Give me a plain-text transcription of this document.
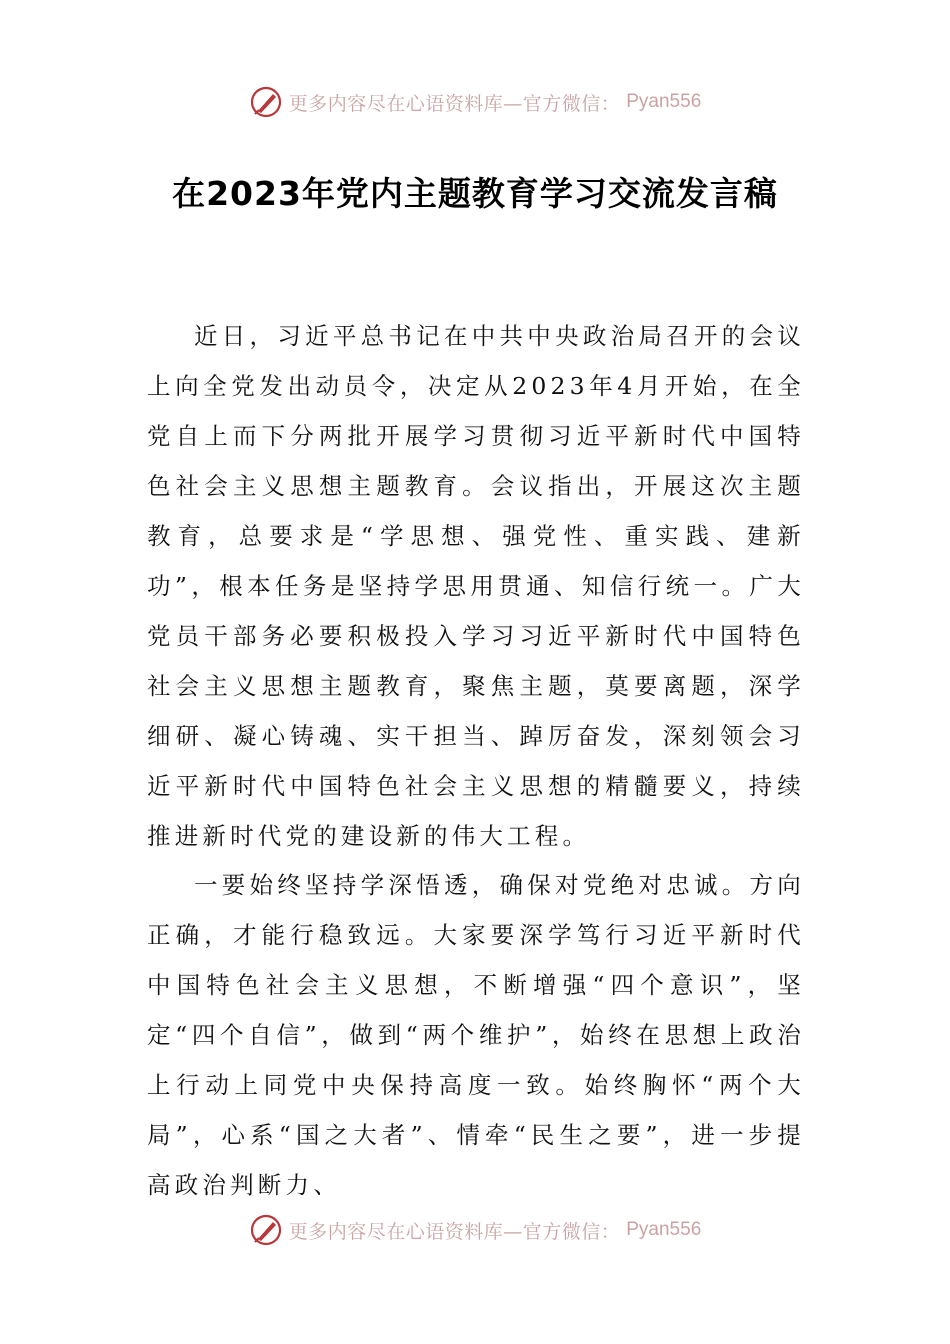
更多内容尽在心语资料库—官方微信： Pyan556
在2023年党内主题教育学习交流发言稿

近日，习近平总书记在中共中央政治局召开的会议上向全党发出动员令，决定从2023年4月开始，在全党自上而下分两批开展学习贯彻习近平新时代中国特色社会主义思想主题教育。会议指出，开展这次主题教育，总要求是“学思想、强党性、重实践、建新功”，根本任务是坚持学思用贯通、知信行统一。广大党员干部务必要积极投入学习习近平新时代中国特色社会主义思想主题教育，聚焦主题，莫要离题，深学细研、凝心铸魂、实干担当、踔厉奋发，深刻领会习近平新时代中国特色社会主义思想的精髓要义，持续推进新时代党的建设新的伟大工程。

一要始终坚持学深悟透，确保对党绝对忠诚。方向正确，才能行稳致远。大家要深学笃行习近平新时代中国特色社会主义思想，不断增强“四个意识”，坚定“四个自信”，做到“两个维护”，始终在思想上政治上行动上同党中央保持高度一致。始终胸怀“两个大局”，心系“国之大者”、情牵“民生之要”，进一步提高政治判断力、

更多内容尽在心语资料库—官方微信： Pyan556
